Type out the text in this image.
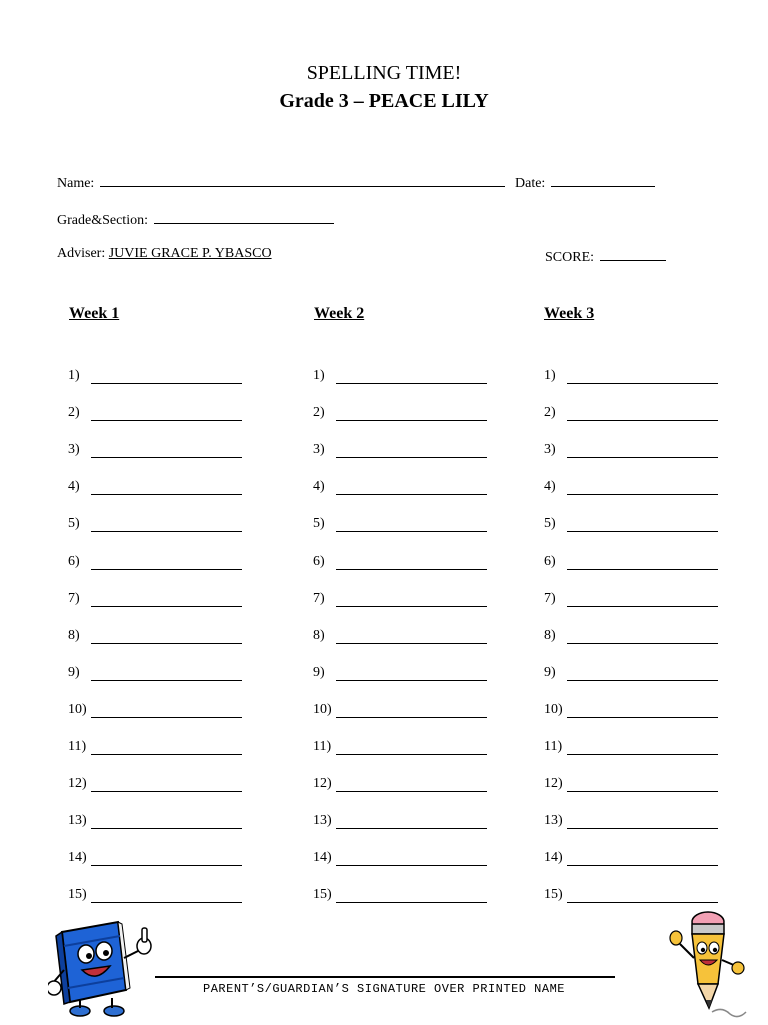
SPELLING TIME!
Grade 3 – PEACE LILY
Name:	Date:
Grade&Section:
Adviser: JUVIE GRACE P. YBASCO	SCORE:
Week 1	Week 2	Week 3
1)
2)
3)
4)
5)
6)
7)
8)
9)
10)
11)
12)
13)
14)
15)
1)
2)
3)
4)
5)
6)
7)
8)
9)
10)
11)
12)
13)
14)
15)
1)
2)
3)
4)
5)
6)
7)
8)
9)
10)
11)
12)
13)
14)
15)
PARENT’S/GUARDIAN’S SIGNATURE OVER PRINTED NAME
